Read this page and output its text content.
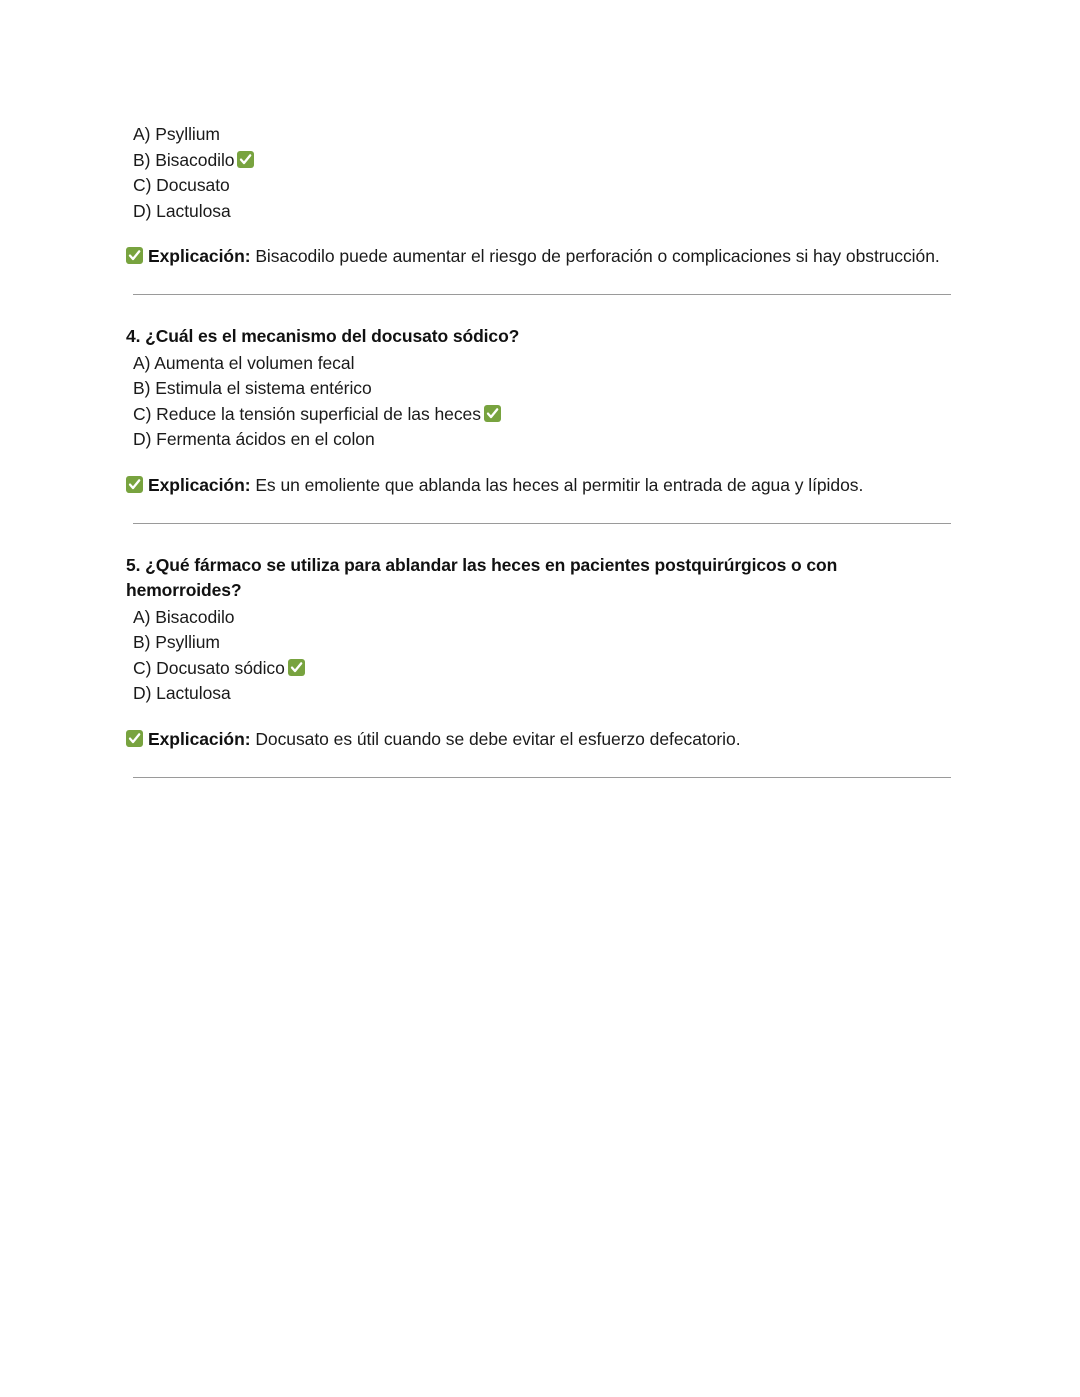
A) Psyllium
B) Bisacodilo
C) Docusato
D) Lactulosa

Explicación: Bisacodilo puede aumentar el riesgo de perforación o complicaciones si hay obstrucción.

4. ¿Cuál es el mecanismo del docusato sódico?
A) Aumenta el volumen fecal
B) Estimula el sistema entérico
C) Reduce la tensión superficial de las heces
D) Fermenta ácidos en el colon

Explicación: Es un emoliente que ablanda las heces al permitir la entrada de agua y lípidos.

5. ¿Qué fármaco se utiliza para ablandar las heces en pacientes postquirúrgicos o con hemorroides?
A) Bisacodilo
B) Psyllium
C) Docusato sódico
D) Lactulosa

Explicación: Docusato es útil cuando se debe evitar el esfuerzo defecatorio.
